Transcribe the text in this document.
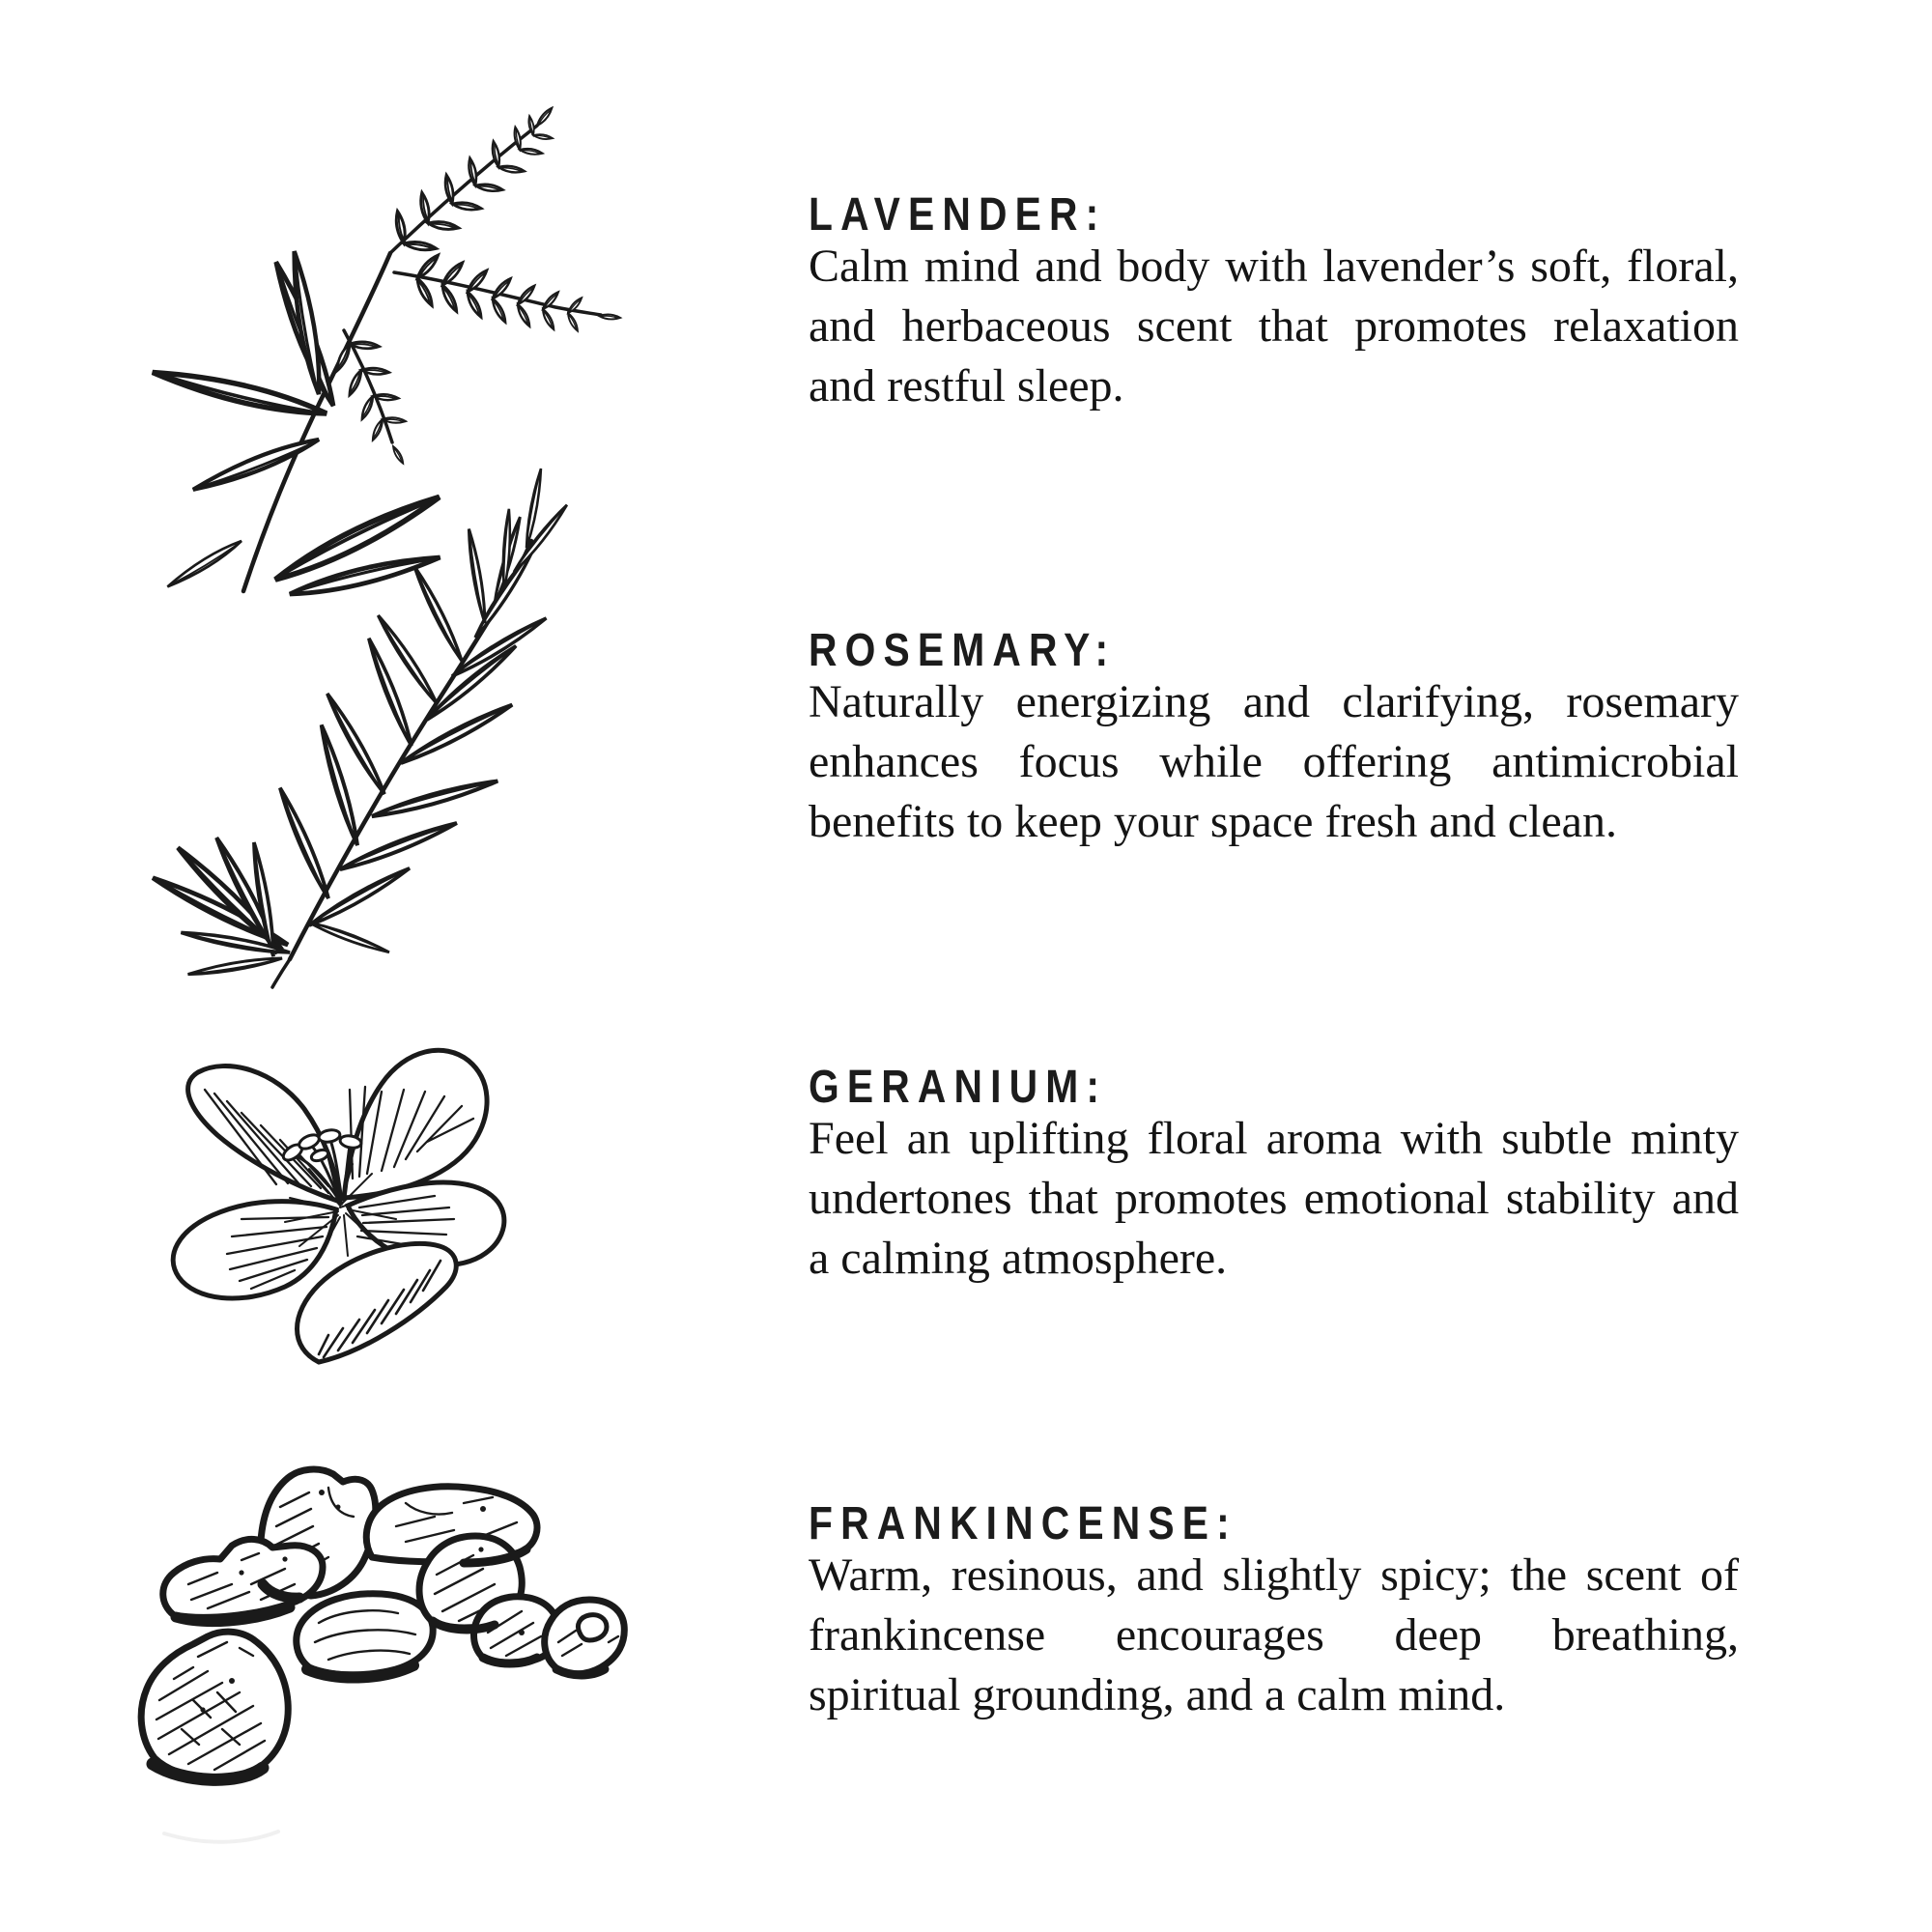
LAVENDER:
Calm mind and body with lavender’s soft, floral,
and herbaceous scent that promotes relaxation
and restful sleep.
ROSEMARY:
Naturally energizing and clarifying, rosemary
enhances focus while offering antimicrobial
benefits to keep your space fresh and clean.
GERANIUM:
Feel an uplifting floral aroma with subtle minty
undertones that promotes emotional stability and
a calming atmosphere.
FRANKINCENSE:
Warm, resinous, and slightly spicy; the scent of
frankincense encourages deep breathing,
spiritual grounding, and a calm mind.
